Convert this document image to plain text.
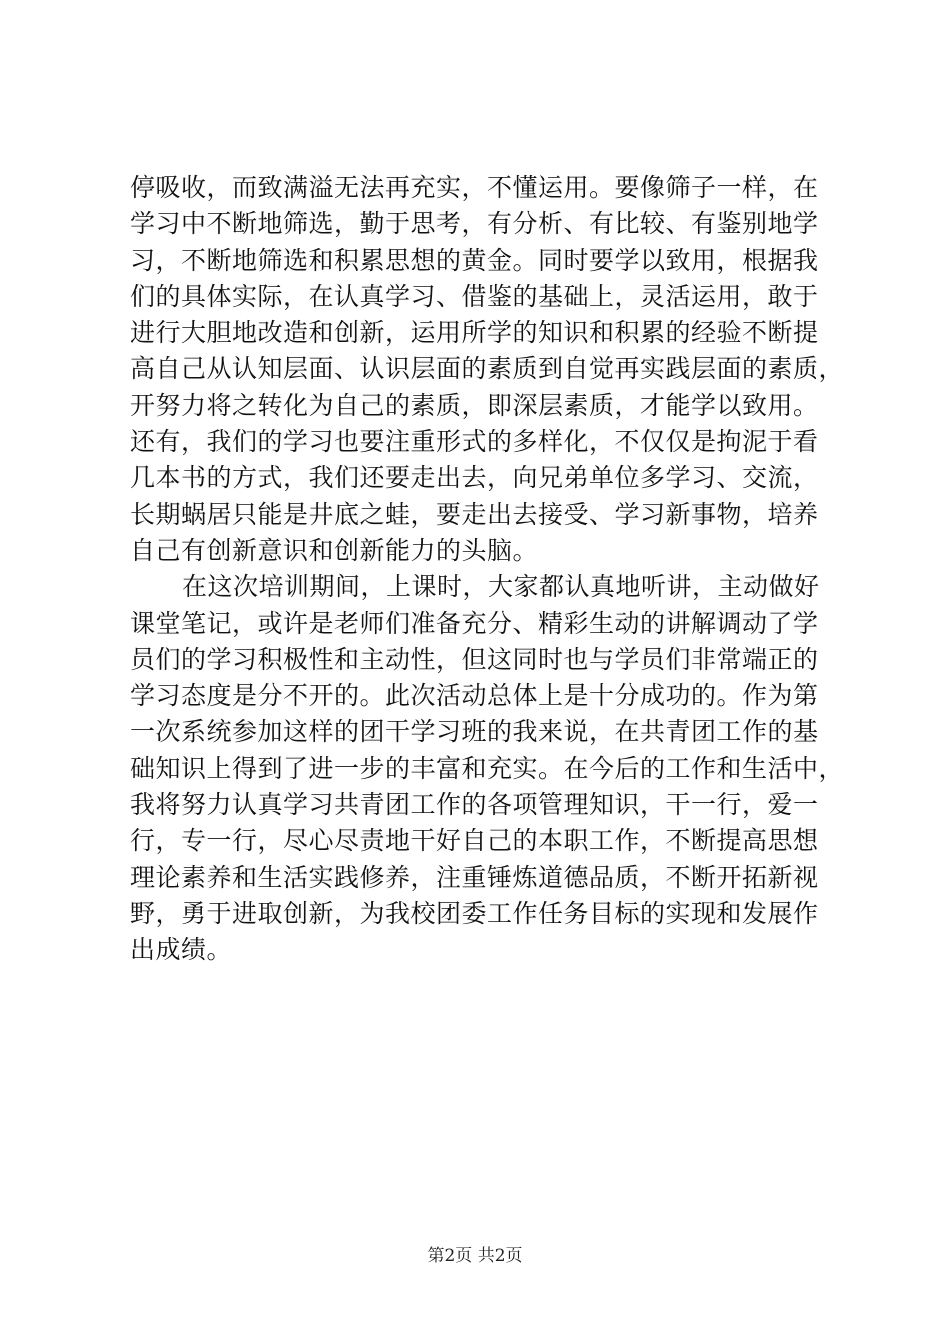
停吸收，而致满溢无法再充实，不懂运用。要像筛子一样，在
学习中不断地筛选，勤于思考，有分析、有比较、有鉴别地学
习，不断地筛选和积累思想的黄金。同时要学以致用，根据我
们的具体实际，在认真学习、借鉴的基础上，灵活运用，敢于
进行大胆地改造和创新，运用所学的知识和积累的经验不断提
高自己从认知层面、认识层面的素质到自觉再实践层面的素质，
开努力将之转化为自己的素质，即深层素质，才能学以致用。
还有，我们的学习也要注重形式的多样化，不仅仅是拘泥于看
几本书的方式，我们还要走出去，向兄弟单位多学习、交流，
长期蜗居只能是井底之蛙，要走出去接受、学习新事物，培养
自己有创新意识和创新能力的头脑。
在这次培训期间，上课时，大家都认真地听讲，主动做好
课堂笔记，或许是老师们准备充分、精彩生动的讲解调动了学
员们的学习积极性和主动性，但这同时也与学员们非常端正的
学习态度是分不开的。此次活动总体上是十分成功的。作为第
一次系统参加这样的团干学习班的我来说，在共青团工作的基
础知识上得到了进一步的丰富和充实。在今后的工作和生活中，
我将努力认真学习共青团工作的各项管理知识，干一行，爱一
行，专一行，尽心尽责地干好自己的本职工作，不断提高思想
理论素养和生活实践修养，注重锤炼道德品质，不断开拓新视
野，勇于进取创新，为我校团委工作任务目标的实现和发展作
出成绩。
第2页 共2页
